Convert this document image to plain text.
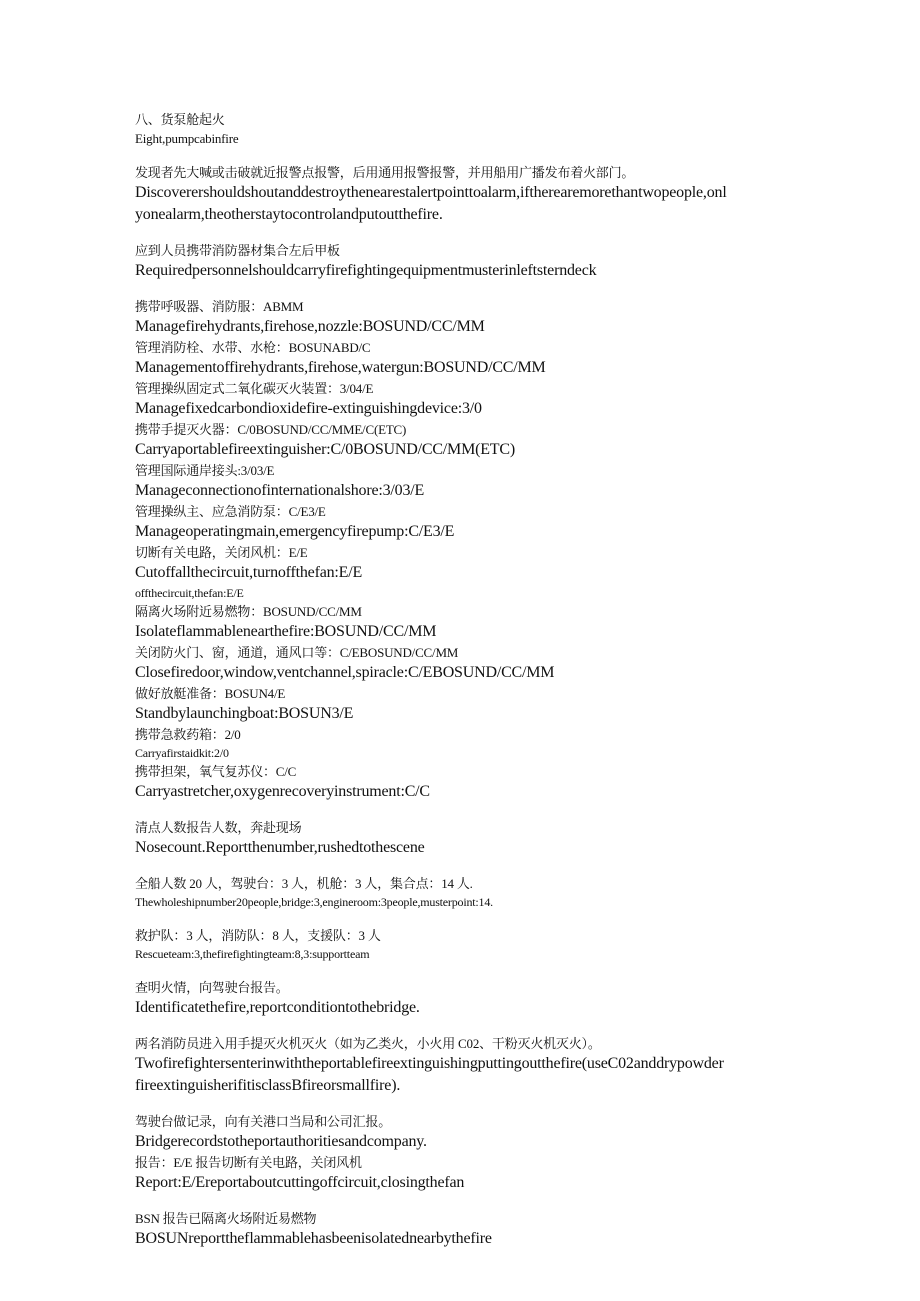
八、货泵舱起火
Eight,pumpcabinfire
发现者先大喊或击破就近报警点报警，后用通用报警报警，并用船用广播发布着火部门。
Discoverershouldshoutanddestroythenearestalertpointtoalarm,iftherearemorethantwopeople,onl
yonealarm,theotherstaytocontrolandputoutthefire.
应到人员携带消防器材集合左后甲板
Requiredpersonnelshouldcarryfirefightingequipmentmusterinleftsterndeck
携带呼吸器、消防服：ABMM
Managefirehydrants,firehose,nozzle:BOSUND/CC/MM
管理消防栓、水带、水枪：BOSUNABD/C
Managementoffirehydrants,firehose,watergun:BOSUND/CC/MM
管理操纵固定式二氧化碳灭火装置：3/04/E
Managefixedcarbondioxidefire-extinguishingdevice:3/0
携带手提灭火器：C/0BOSUND/CC/MME/C(ETC)
Carryaportablefireextinguisher:C/0BOSUND/CC/MM(ETC)
管理国际通岸接头:3/03/E
Manageconnectionofinternationalshore:3/03/E
管理操纵主、应急消防泵：C/E3/E
Manageoperatingmain,emergencyfirepump:C/E3/E
切断有关电路，关闭风机：E/E
Cutoffallthecircuit,turnoffthefan:E/E
offthecircuit,thefan:E/E
隔离火场附近易燃物：BOSUND/CC/MM
Isolateflammablenearthefire:BOSUND/CC/MM
关闭防火门、窗，通道，通风口等：C/EBOSUND/CC/MM
Closefiredoor,window,ventchannel,spiracle:C/EBOSUND/CC/MM
做好放艇准备：BOSUN4/E
Standbylaunchingboat:BOSUN3/E
携带急救药箱：2/0
Carryafirstaidkit:2/0
携带担架，氧气复苏仪：C/C
Carryastretcher,oxygenrecoveryinstrument:C/C
清点人数报告人数，奔赴现场
Nosecount.Reportthenumber,rushedtothescene
全船人数 20 人，驾驶台：3 人，机舱：3 人，集合点：14 人.
Thewholeshipnumber20people,bridge:3,engineroom:3people,musterpoint:14.
救护队：3 人，消防队：8 人，支援队：3 人
Rescueteam:3,thefirefightingteam:8,3:supportteam
查明火情，向驾驶台报告。
Identificatethefire,reportconditiontothebridge.
两名消防员进入用手提灭火机灭火（如为乙类火，小火用 C02、干粉灭火机灭火）。
Twofirefightersenterinwiththeportablefireextinguishingputtingoutthefire(useC02anddrypowder
fireextinguisherifitisclassBfireorsmallfire).
驾驶台做记录，向有关港口当局和公司汇报。
Bridgerecordstotheportauthoritiesandcompany.
报告：E/E 报告切断有关电路，关闭风机
Report:E/Ereportaboutcuttingoffcircuit,closingthefan
BSN 报告已隔离火场附近易燃物
BOSUNreporttheflammablehasbeenisolatednearbythefire
